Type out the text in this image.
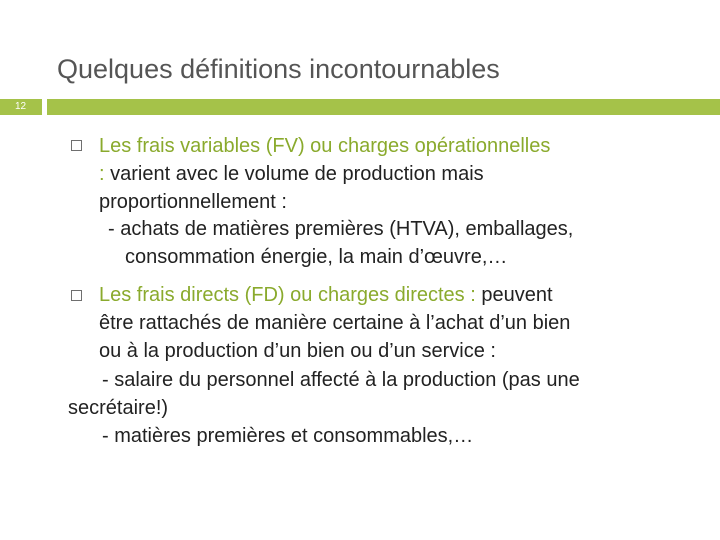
Quelques définitions incontournables
12
Les frais variables (FV) ou charges opérationnelles
: varient avec le volume de production mais
proportionnellement :
- achats de matières premières (HTVA), emballages,
consommation énergie, la main d’œuvre,…
Les frais directs (FD) ou charges directes : peuvent
être rattachés de manière certaine à l’achat d’un bien
ou à la production d’un bien ou d’un service :
- salaire du personnel affecté à la production (pas une
secrétaire!)
- matières premières et consommables,…
